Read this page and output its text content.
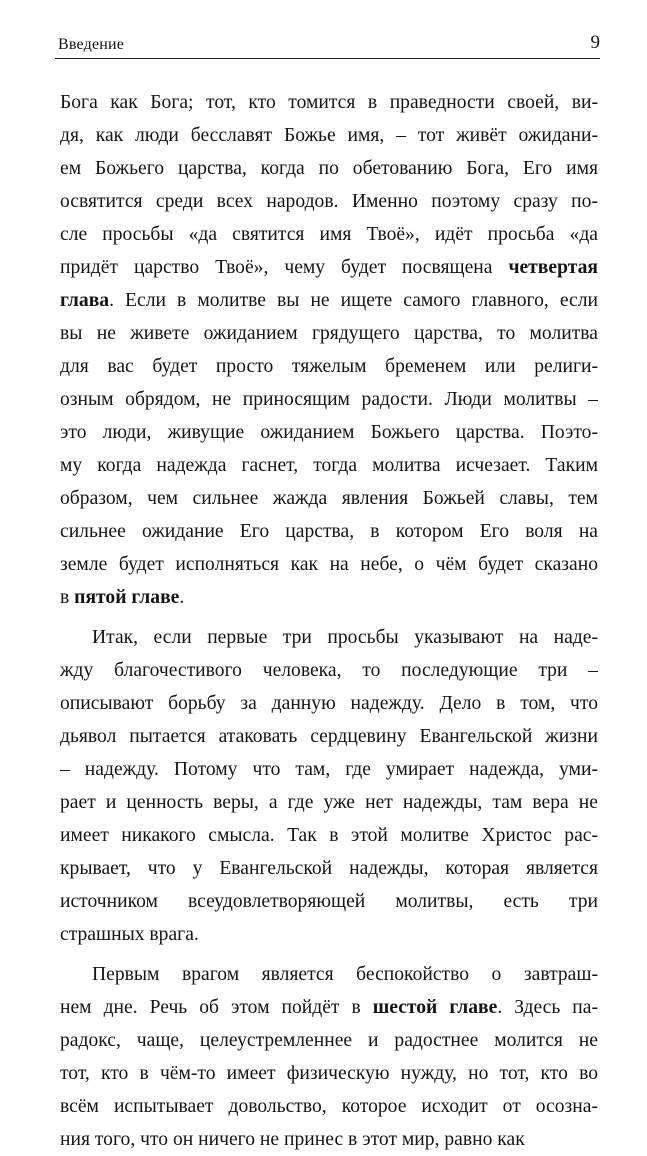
Введение	9
Бога как Бога; тот, кто томится в праведности своей, ви-
дя, как люди бесславят Божье имя, – тот живёт ожидани-
ем Божьего царства, когда по обетованию Бога, Его имя
освятится среди всех народов. Именно поэтому сразу по-
сле просьбы «да святится имя Твоё», идёт просьба «да
придёт царство Твоё», чему будет посвящена четвертая
глава. Если в молитве вы не ищете самого главного, если
вы не живете ожиданием грядущего царства, то молитва
для вас будет просто тяжелым бременем или религи-
озным обрядом, не приносящим радости. Люди молитвы –
это люди, живущие ожиданием Божьего царства. Поэто-
му когда надежда гаснет, тогда молитва исчезает. Таким
образом, чем сильнее жажда явления Божьей славы, тем
сильнее ожидание Его царства, в котором Его воля на
земле будет исполняться как на небе, о чём будет сказано
в пятой главе.
Итак, если первые три просьбы указывают на наде-
жду благочестивого человека, то последующие три –
описывают борьбу за данную надежду. Дело в том, что
дьявол пытается атаковать сердцевину Евангельской жизни
– надежду. Потому что там, где умирает надежда, уми-
рает и ценность веры, а где уже нет надежды, там вера не
имеет никакого смысла. Так в этой молитве Христос рас-
крывает, что у Евангельской надежды, которая является
источником всеудовлетворяющей молитвы, есть три
страшных врага.
Первым врагом является беспокойство о завтраш-
нем дне. Речь об этом пойдёт в шестой главе. Здесь па-
радокс, чаще, целеустремленнее и радостнее молится не
тот, кто в чём-то имеет физическую нужду, но тот, кто во
всём испытывает довольство, которое исходит от осозна-
ния того, что он ничего не принес в этот мир, равно как
